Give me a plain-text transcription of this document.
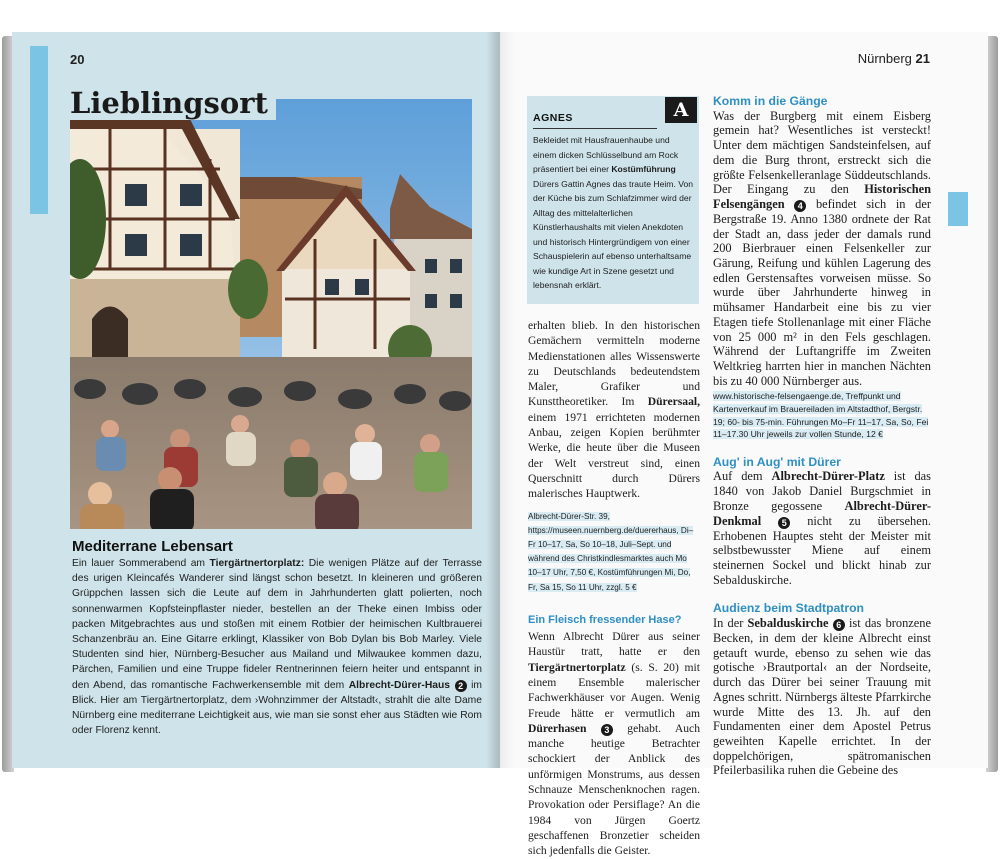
20	Nürnberg 21
Lieblingsort
Mediterrane Lebensart
Ein lauer Sommerabend am Tiergärtnertorplatz: Die wenigen Plätze auf der Terrasse des urigen Kleincafés Wanderer sind längst schon besetzt. In kleineren und größeren Grüppchen lassen sich die Leute auf dem in Jahrhunderten glatt polierten, noch sonnenwarmen Kopfsteinpflaster nieder, bestellen an der Theke einen Imbiss oder packen Mitgebrachtes aus und stoßen mit einem Rotbier der heimischen Kultbrauerei Schanzenbräu an. Eine Gitarre erklingt, Klassiker von Bob Dylan bis Bob Marley. Viele Studenten sind hier, Nürnberg-Besucher aus Mailand und Milwaukee kommen dazu, Pärchen, Familien und eine Truppe fideler Rentnerinnen feiern heiter und entspannt in den Abend, das romantische Fachwerkensemble mit dem Albrecht-Dürer-Haus 2 im Blick. Hier am Tiergärtnertorplatz, dem ›Wohnzimmer der Altstadt‹, strahlt die alte Dame Nürnberg eine mediterrane Leichtigkeit aus, wie man sie sonst eher aus Städten wie Rom oder Florenz kennt.
A
AGNES
Bekleidet mit Hausfrauenhaube und einem dicken Schlüsselbund am Rock präsentiert bei einer Kostümführung Dürers Gattin Agnes das traute Heim. Von der Küche bis zum Schlafzimmer wird der Alltag des mittelalterlichen Künstlerhaushalts mit vielen Anekdoten und historisch Hintergründigem von einer Schauspielerin auf ebenso unterhaltsame wie kundige Art in Szene gesetzt und lebensnah erklärt.
erhalten blieb. In den historischen Gemächern vermitteln moderne Medienstationen alles Wissenswerte zu Deutschlands bedeutendstem Maler, Grafiker und Kunsttheoretiker. Im Dürersaal, einem 1971 errichteten modernen Anbau, zeigen Kopien berühmter Werke, die heute über die Museen der Welt verstreut sind, einen Querschnitt durch Dürers malerisches Hauptwerk.
Albrecht-Dürer-Str. 39, https://museen.nuernberg.de/duererhaus, Di–Fr 10–17, Sa, So 10–18, Juli–Sept. und während des Christkindlesmarktes auch Mo 10–17 Uhr, 7,50 €, Kostümführungen Mi, Do, Fr, Sa 15, So 11 Uhr, zzgl. 5 €
Ein Fleisch fressender Hase?
Wenn Albrecht Dürer aus seiner Haustür tratt, hatte er den Tiergärtnertorplatz (s. S. 20) mit einem Ensemble malerischer Fachwerkhäuser vor Augen. Wenig Freude hätte er vermutlich am Dürerhasen 3 gehabt. Auch manche heutige Betrachter schockiert der Anblick des unförmigen Monstrums, aus dessen Schnauze Menschenknochen ragen. Provokation oder Persiflage? An die 1984 von Jürgen Goertz geschaffenen Bronzetier scheiden sich jedenfalls die Geister.
Komm in die Gänge
Was der Burgberg mit einem Eisberg gemein hat? Wesentliches ist versteckt! Unter dem mächtigen Sandsteinfelsen, auf dem die Burg thront, erstreckt sich die größte Felsenkelleranlage Süddeutschlands. Der Eingang zu den Historischen Felsengängen 4 befindet sich in der Bergstraße 19. Anno 1380 ordnete der Rat der Stadt an, dass jeder der damals rund 200 Bierbrauer einen Felsenkeller zur Gärung, Reifung und kühlen Lagerung des edlen Gerstensaftes vorweisen müsse. So wurde über Jahrhunderte hinweg in mühsamer Handarbeit eine bis zu vier Etagen tiefe Stollenanlage mit einer Fläche von 25 000 m² in den Fels geschlagen. Während der Luftangriffe im Zweiten Weltkrieg harrten hier in manchen Nächten bis zu 40 000 Nürnberger aus.
www.historische-felsengaenge.de, Treffpunkt und Kartenverkauf im Brauereiladen im Altstadthof, Bergstr. 19; 60- bis 75-min. Führungen Mo–Fr 11–17, Sa, So, Fei 11–17.30 Uhr jeweils zur vollen Stunde, 12 €
Aug' in Aug' mit Dürer
Auf dem Albrecht-Dürer-Platz ist das 1840 von Jakob Daniel Burgschmiet in Bronze gegossene Albrecht-Dürer-Denkmal 5 nicht zu übersehen. Erhobenen Hauptes steht der Meister mit selbstbewusster Miene auf einem steinernen Sockel und blickt hinab zur Sebalduskirche.
Audienz beim Stadtpatron
In der Sebalduskirche 6 ist das bronzene Becken, in dem der kleine Albrecht einst getauft wurde, ebenso zu sehen wie das gotische ›Brautportal‹ an der Nordseite, durch das Dürer bei seiner Trauung mit Agnes schritt. Nürnbergs älteste Pfarrkirche wurde Mitte des 13. Jh. auf den Fundamenten einer dem Apostel Petrus geweihten Kapelle errichtet. In der doppelchörigen, spätromanischen Pfeilerbasilika ruhen die Gebeine des
